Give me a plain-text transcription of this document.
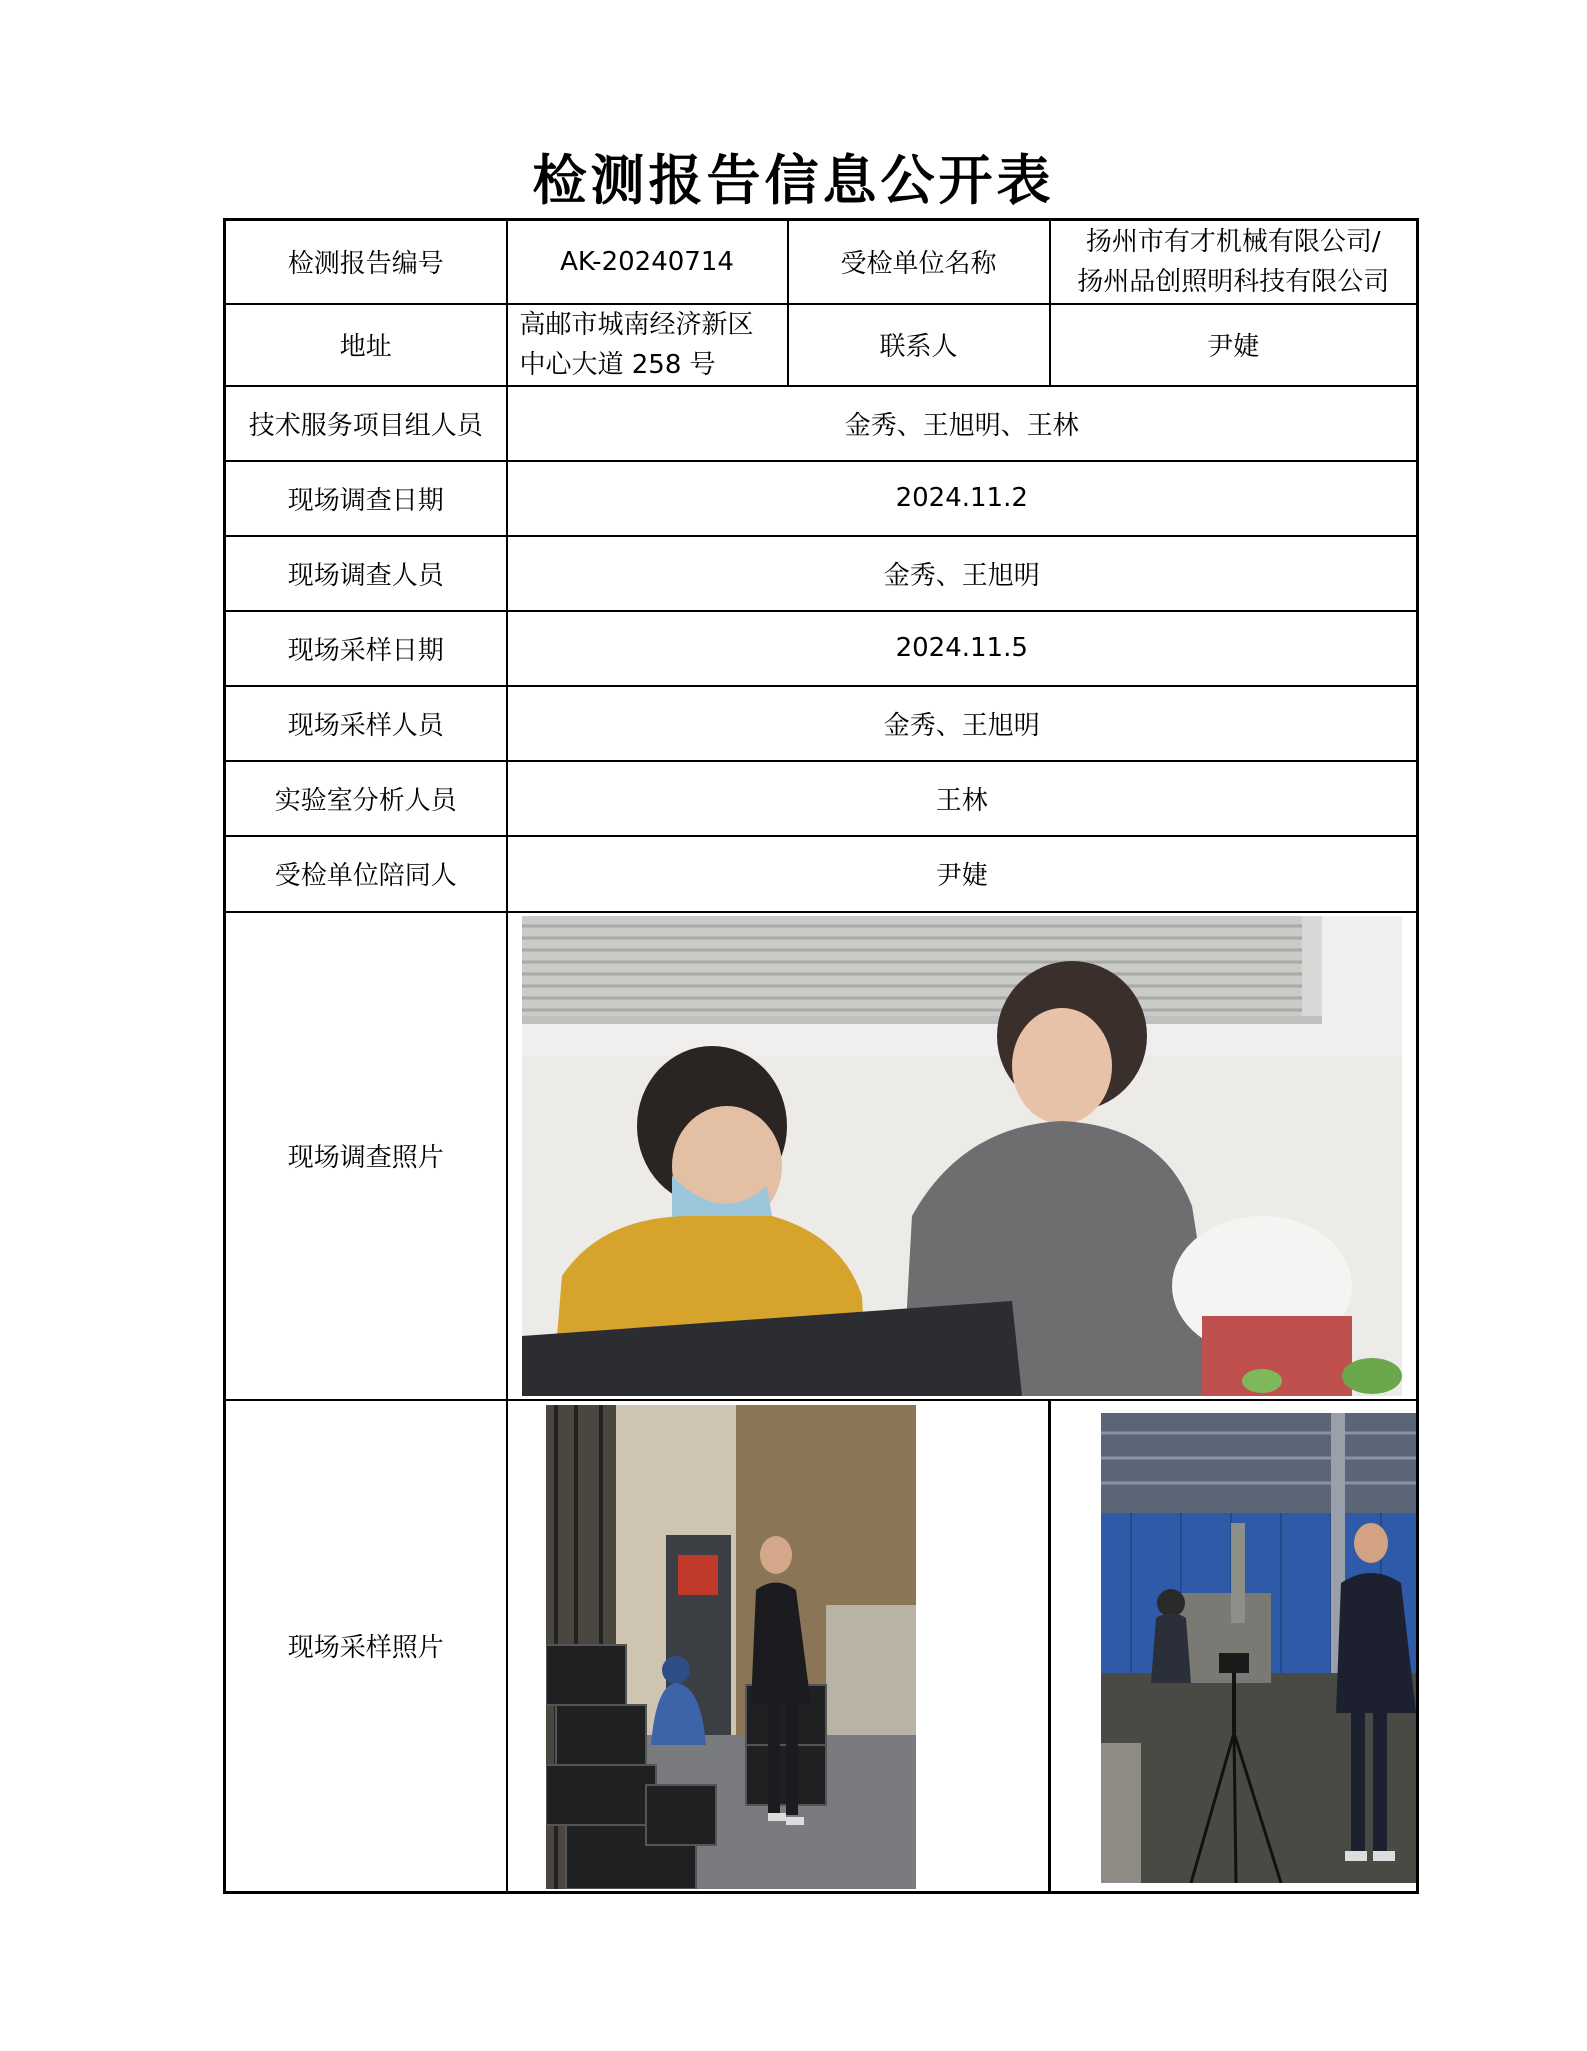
检测报告信息公开表
检测报告编号	AK-20240714	受检单位名称	扬州市有才机械有限公司/
扬州品创照明科技有限公司

地址	高邮市城南经济新区
中心大道 258 号	联系人	尹婕
技术服务项目组人员	金秀、王旭明、王林		
现场调查日期	2024.11.2		
现场调查人员	金秀、王旭明		
现场采样日期	2024.11.5		
现场采样人员	金秀、王旭明		
实验室分析人员	王林		
受检单位陪同人	尹婕		
现场调查照片	

现场采样照片	
